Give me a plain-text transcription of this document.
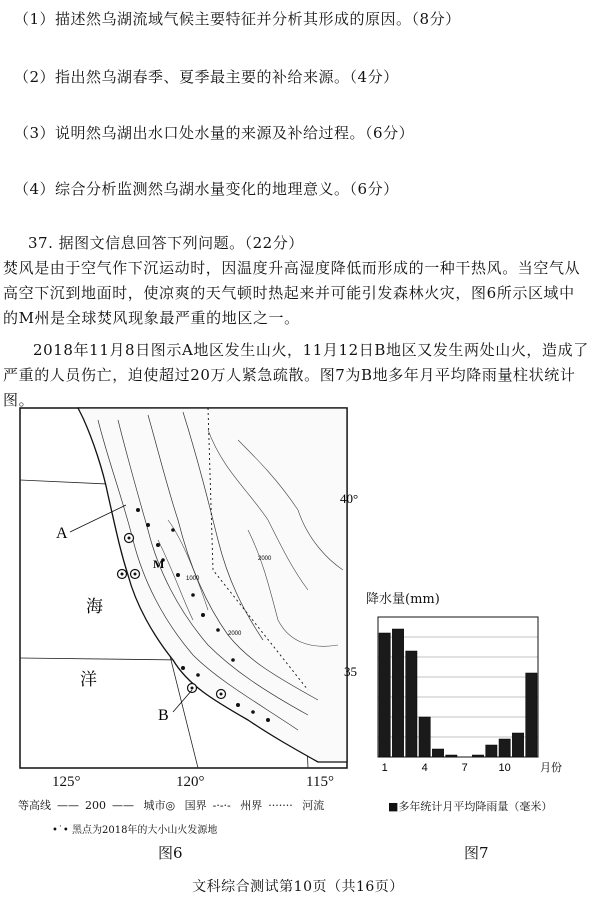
（1）描述然乌湖流域气候主要特征并分析其形成的原因。（8分）
（2）指出然乌湖春季、夏季最主要的补给来源。（4分）
（3）说明然乌湖出水口处水量的来源及补给过程。（6分）
（4）综合分析监测然乌湖水量变化的地理意义。（6分）
37. 据图文信息回答下列问题。（22分）
焚风是由于空气作下沉运动时，因温度升高湿度降低而形成的一种干热风。当空气从高空下沉到地面时，使凉爽的天气顿时热起来并可能引发森林火灾，图6所示区域中的M州是全球焚风现象最严重的地区之一。
2018年11月8日图示A地区发生山火，11月12日B地区又发生两处山火，造成了严重的人员伤亡，迫使超过20万人紧急疏散。图7为B地多年月平均降雨量柱状统计图。
A
B
M
海
洋
40°
35
2000
1000
2000
125°	120°	115°
等高线 —— 200 —— 城市◎ 国界 -·-·- 州界 ······· 河流
•˙• 黑点为2018年的大小山火发源地
图6
降水量(mm)
1	4	7	10	月份
■多年统计月平均降雨量（毫米）
图7
文科综合测试第10页（共16页）
